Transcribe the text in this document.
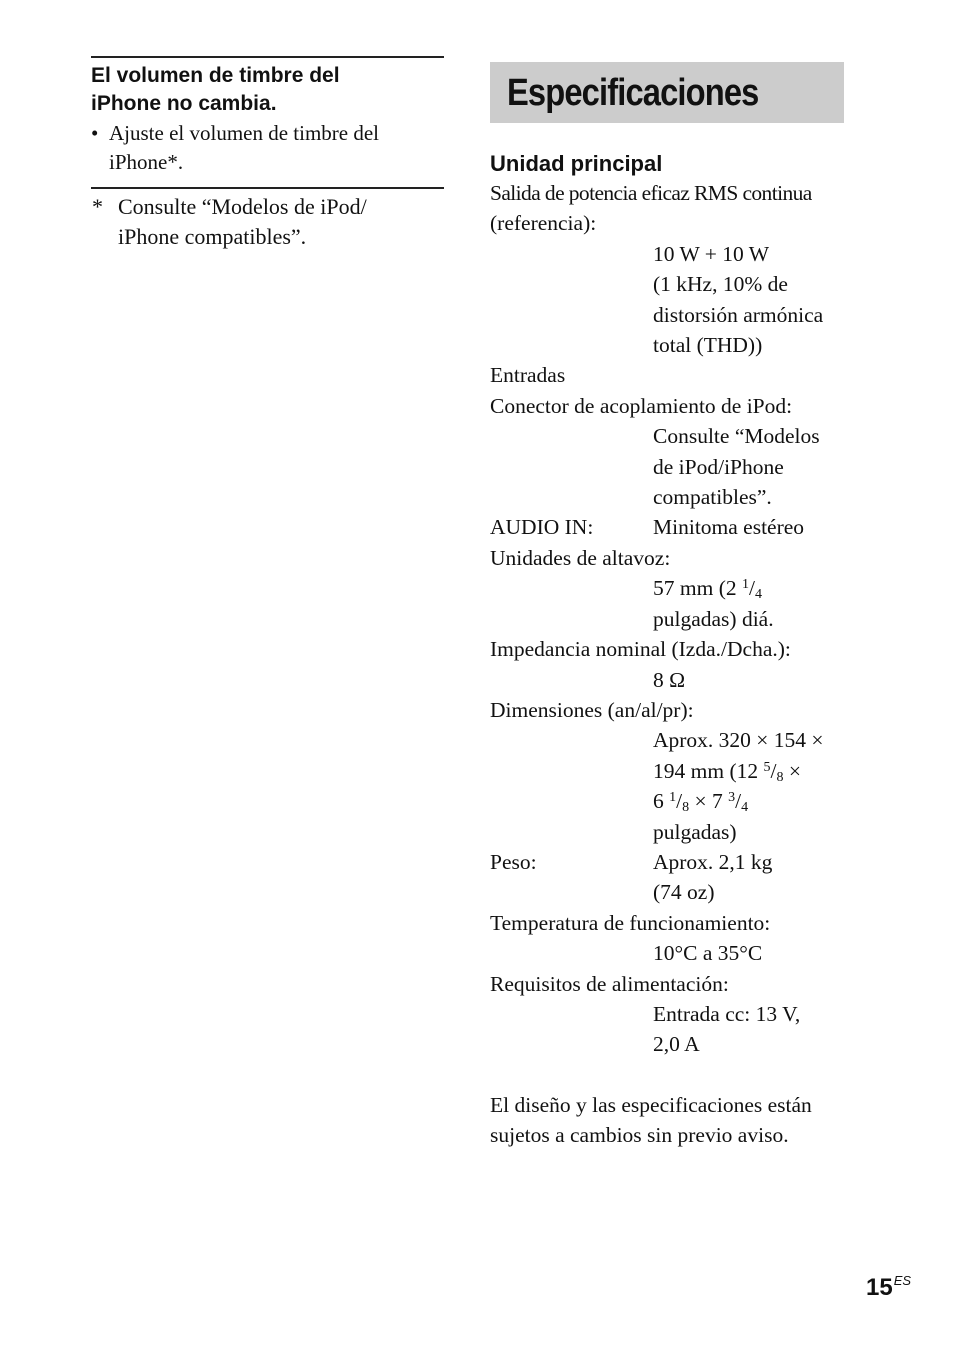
El volumen de timbre del
iPhone no cambia.
• Ajuste el volumen de timbre del
iPhone*.
* Consulte “Modelos de iPod/
iPhone compatibles”.
Especificaciones
Unidad principal
Salida de potencia eficaz RMS continua
(referencia):
10 W + 10 W
(1 kHz, 10% de
distorsión armónica
total (THD))
Entradas
Conector de acoplamiento de iPod:
Consulte “Modelos
de iPod/iPhone
compatibles”.
AUDIO IN:	Minitoma estéreo
Unidades de altavoz:
57 mm (2 $^1/_4$
pulgadas) diá.
Impedancia nominal (Izda./Dcha.):
8 Ω
Dimensiones (an/al/pr):
Aprox. 320 × 154 ×
194 mm (12 $^5/_8$ ×
6 $^1/_8 \times 7$ $^3/_4$
pulgadas)
Peso:	Aprox. 2,1 kg
(74 oz)
Temperatura de funcionamiento:
10°C a 35°C
Requisitos de alimentación:
Entrada cc: 13 V,
2,0 A
El diseño y las especificaciones están
sujetos a cambios sin previo aviso.
$15^{ES}$
